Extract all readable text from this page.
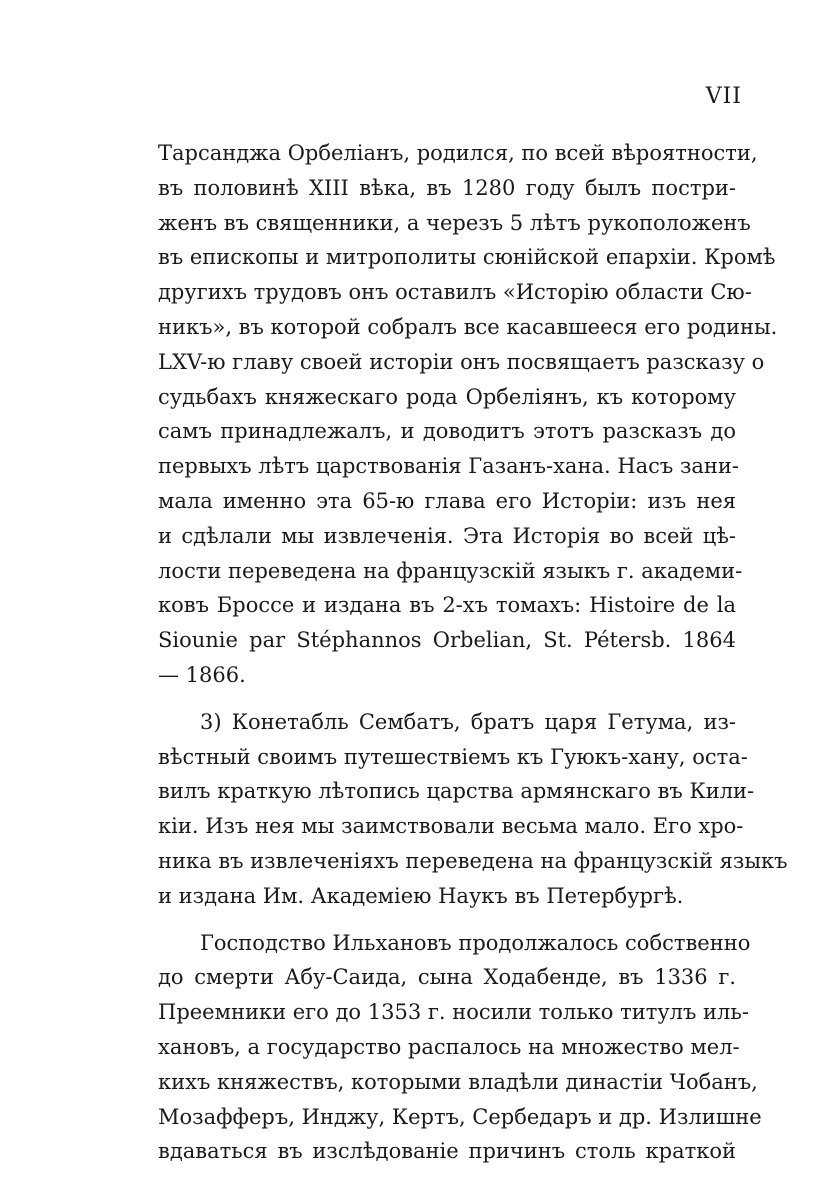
VII
Тарсанджа Орбеліанъ, родился, по всей вѣроятности,
въ половинѣ XIII вѣка, въ 1280 году былъ постри-
женъ въ священники, а черезъ 5 лѣтъ рукоположенъ
въ епископы и митрополиты сюнійской епархіи. Кромѣ
другихъ трудовъ онъ оставилъ «Исторію области Сю-
никъ», въ которой собралъ все касавшееся его родины.
LXV-ю главу своей исторіи онъ посвящаетъ разсказу о
судьбахъ княжескаго рода Орбеліянъ, къ которому
самъ принадлежалъ, и доводитъ этотъ разсказъ до
первыхъ лѣтъ царствованія Газанъ-хана. Насъ зани-
мала именно эта 65-ю глава его Исторіи: изъ нея
и сдѣлали мы извлеченія. Эта Исторія во всей цѣ-
лости переведена на французскій языкъ г. академи-
ковъ Броссе и издана въ 2-хъ томахъ: Histoire de la
Siounie par Stéphannos Orbelian, St. Pétersb. 1864
— 1866.
3) Конетабль Сембатъ, братъ царя Гетума, из-
вѣстный своимъ путешествіемъ къ Гуюкъ-хану, оста-
вилъ краткую лѣтопись царства армянскаго въ Кили-
кіи. Изъ нея мы заимствовали весьма мало. Его хро-
ника въ извлеченіяхъ переведена на французскій языкъ
и издана Им. Академіею Наукъ въ Петербургѣ.
Господство Ильхановъ продолжалось собственно
до смерти Абу-Саида, сына Ходабенде, въ 1336 г.
Преемники его до 1353 г. носили только титулъ иль-
хановъ, а государство распалось на множество мел-
кихъ княжествъ, которыми владѣли династіи Чобанъ,
Мозафферъ, Инджу, Кертъ, Сербедаръ и др. Излишне
вдаваться въ изслѣдованіе причинъ столь краткой
